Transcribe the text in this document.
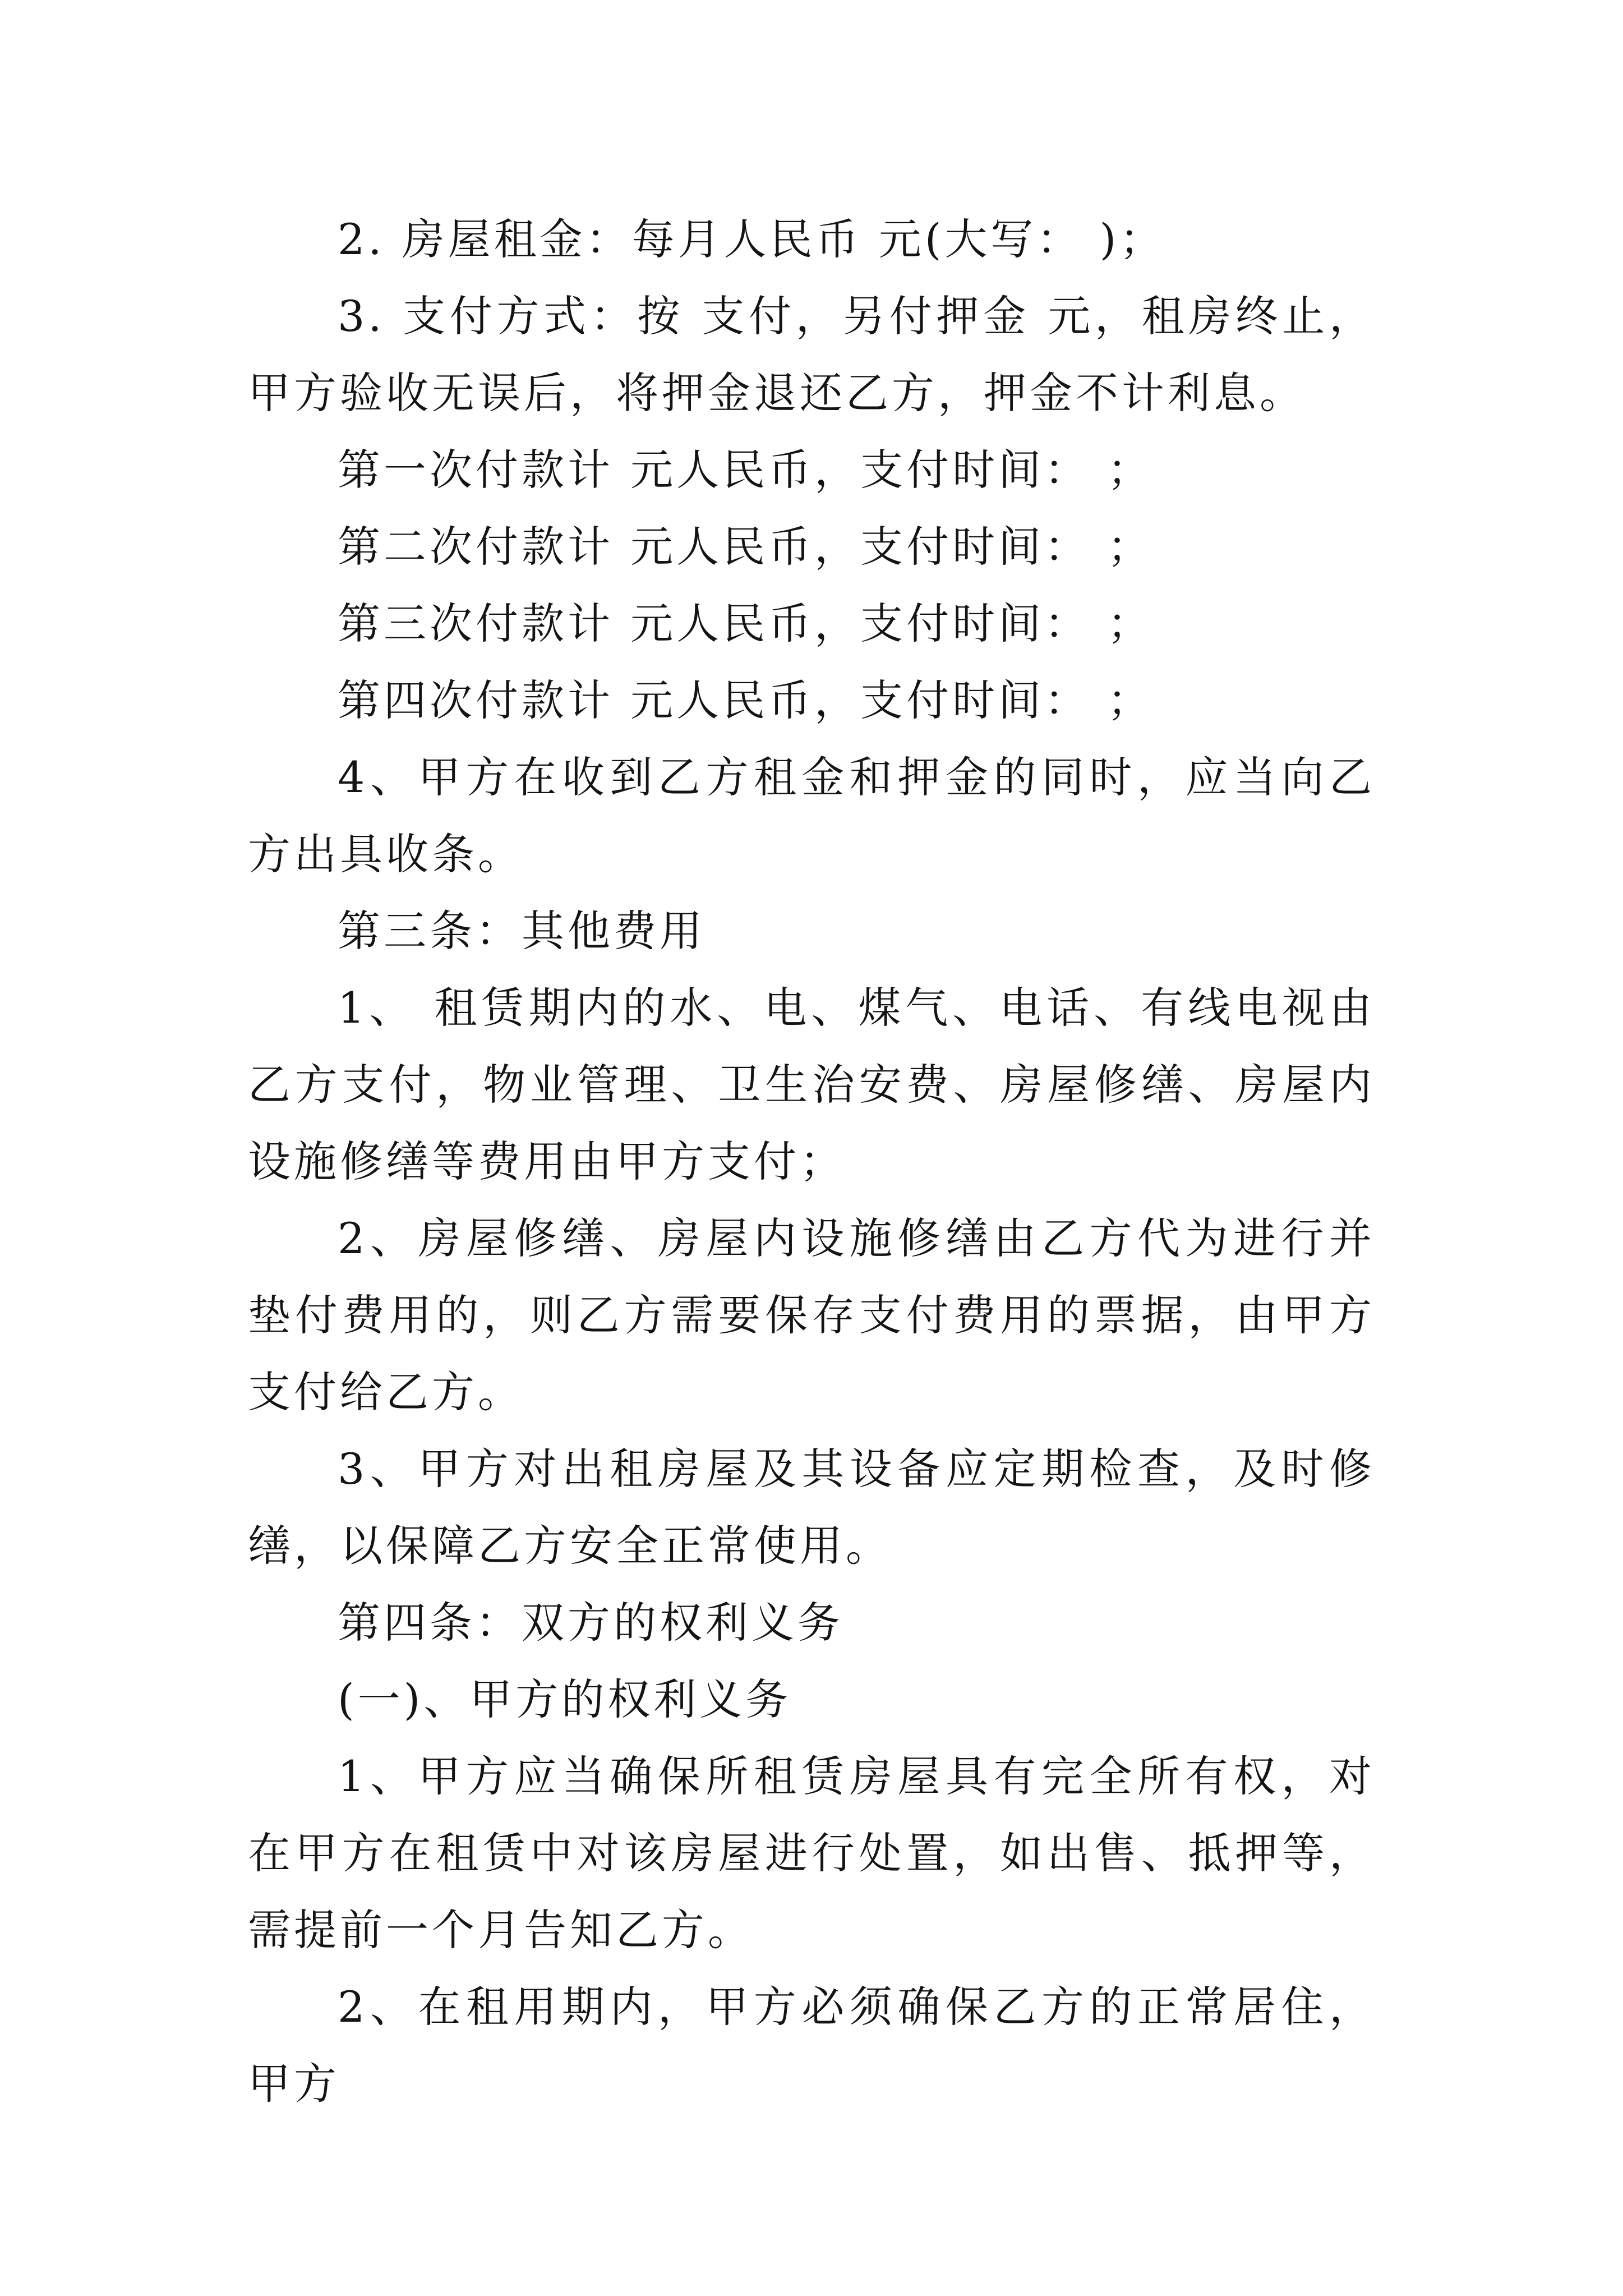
2. 房屋租金：每月人民币 元(大写： )；

3. 支付方式：按 支付，另付押金 元，租房终止，甲方验收无误后，将押金退还乙方，押金不计利息。

第一次付款计 元人民币，支付时间： ；

第二次付款计 元人民币，支付时间： ；

第三次付款计 元人民币，支付时间： ；

第四次付款计 元人民币，支付时间： ；

4、甲方在收到乙方租金和押金的同时，应当向乙方出具收条。

第三条：其他费用

1、 租赁期内的水、电、煤气、电话、有线电视由乙方支付，物业管理、卫生治安费、房屋修缮、房屋内设施修缮等费用由甲方支付；

2、房屋修缮、房屋内设施修缮由乙方代为进行并垫付费用的，则乙方需要保存支付费用的票据，由甲方支付给乙方。

3、甲方对出租房屋及其设备应定期检查，及时修缮，以保障乙方安全正常使用。

第四条：双方的权利义务

(一)、甲方的权利义务

1、甲方应当确保所租赁房屋具有完全所有权，对在甲方在租赁中对该房屋进行处置，如出售、抵押等，需提前一个月告知乙方。

2、在租用期内，甲方必须确保乙方的正常居住，甲方
